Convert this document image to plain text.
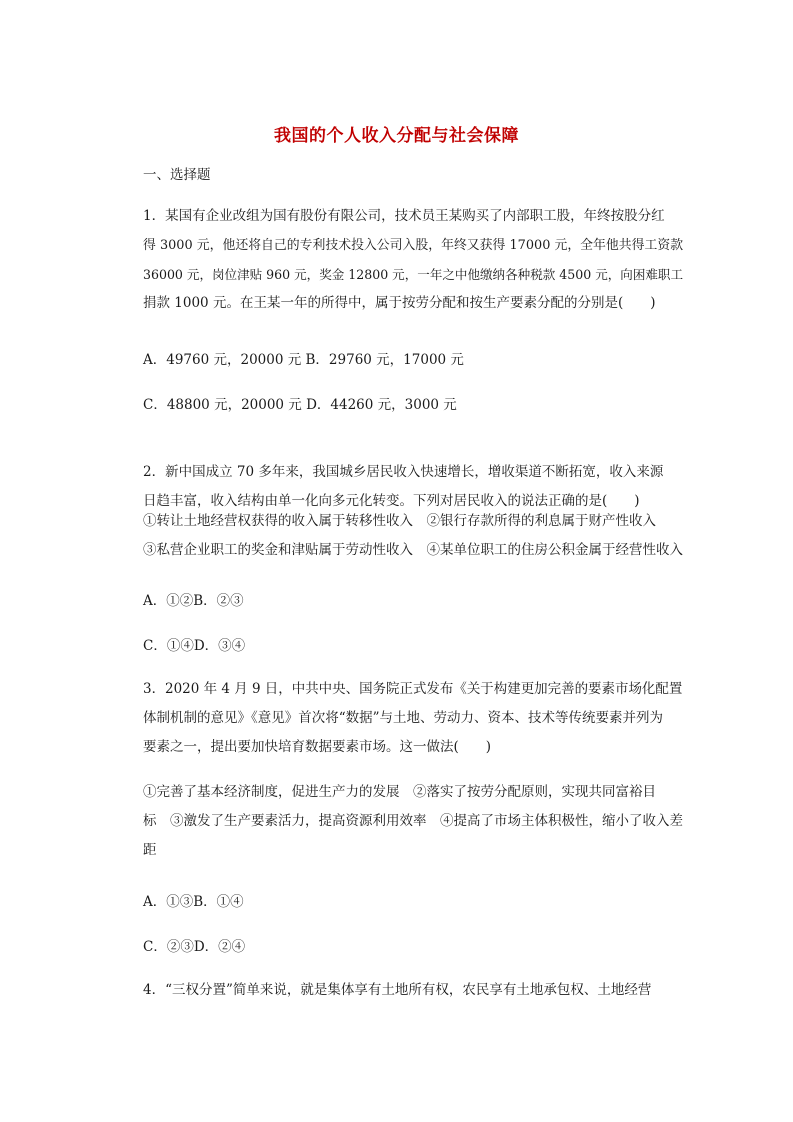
我国的个人收入分配与社会保障
一、选择题
1．某国有企业改组为国有股份有限公司，技术员王某购买了内部职工股，年终按股分红
得 3000 元，他还将自己的专利技术投入公司入股，年终又获得 17000 元，全年他共得工资款
36000 元，岗位津贴 960 元，奖金 12800 元，一年之中他缴纳各种税款 4500 元，向困难职工
捐款 1000 元。在王某一年的所得中，属于按劳分配和按生产要素分配的分别是(　　)
A．49760 元，20000 元 B．29760 元，17000 元
C．48800 元，20000 元 D．44260 元，3000 元
2．新中国成立 70 多年来，我国城乡居民收入快速增长，增收渠道不断拓宽，收入来源
日趋丰富，收入结构由单一化向多元化转变。下列对居民收入的说法正确的是(　　)
①转让土地经营权获得的收入属于转移性收入　②银行存款所得的利息属于财产性收入
③私营企业职工的奖金和津贴属于劳动性收入　④某单位职工的住房公积金属于经营性收入
A．①②B．②③
C．①④D．③④
3．2020 年 4 月 9 日，中共中央、国务院正式发布《关于构建更加完善的要素市场化配置
体制机制的意见》《意见》首次将“数据”与土地、劳动力、资本、技术等传统要素并列为
要素之一，提出要加快培育数据要素市场。这一做法(　　)
①完善了基本经济制度，促进生产力的发展　②落实了按劳分配原则，实现共同富裕目
标　③激发了生产要素活力，提高资源利用效率　④提高了市场主体积极性，缩小了收入差
距
A．①③B．①④
C．②③D．②④
4．“三权分置”简单来说，就是集体享有土地所有权，农民享有土地承包权、土地经营
